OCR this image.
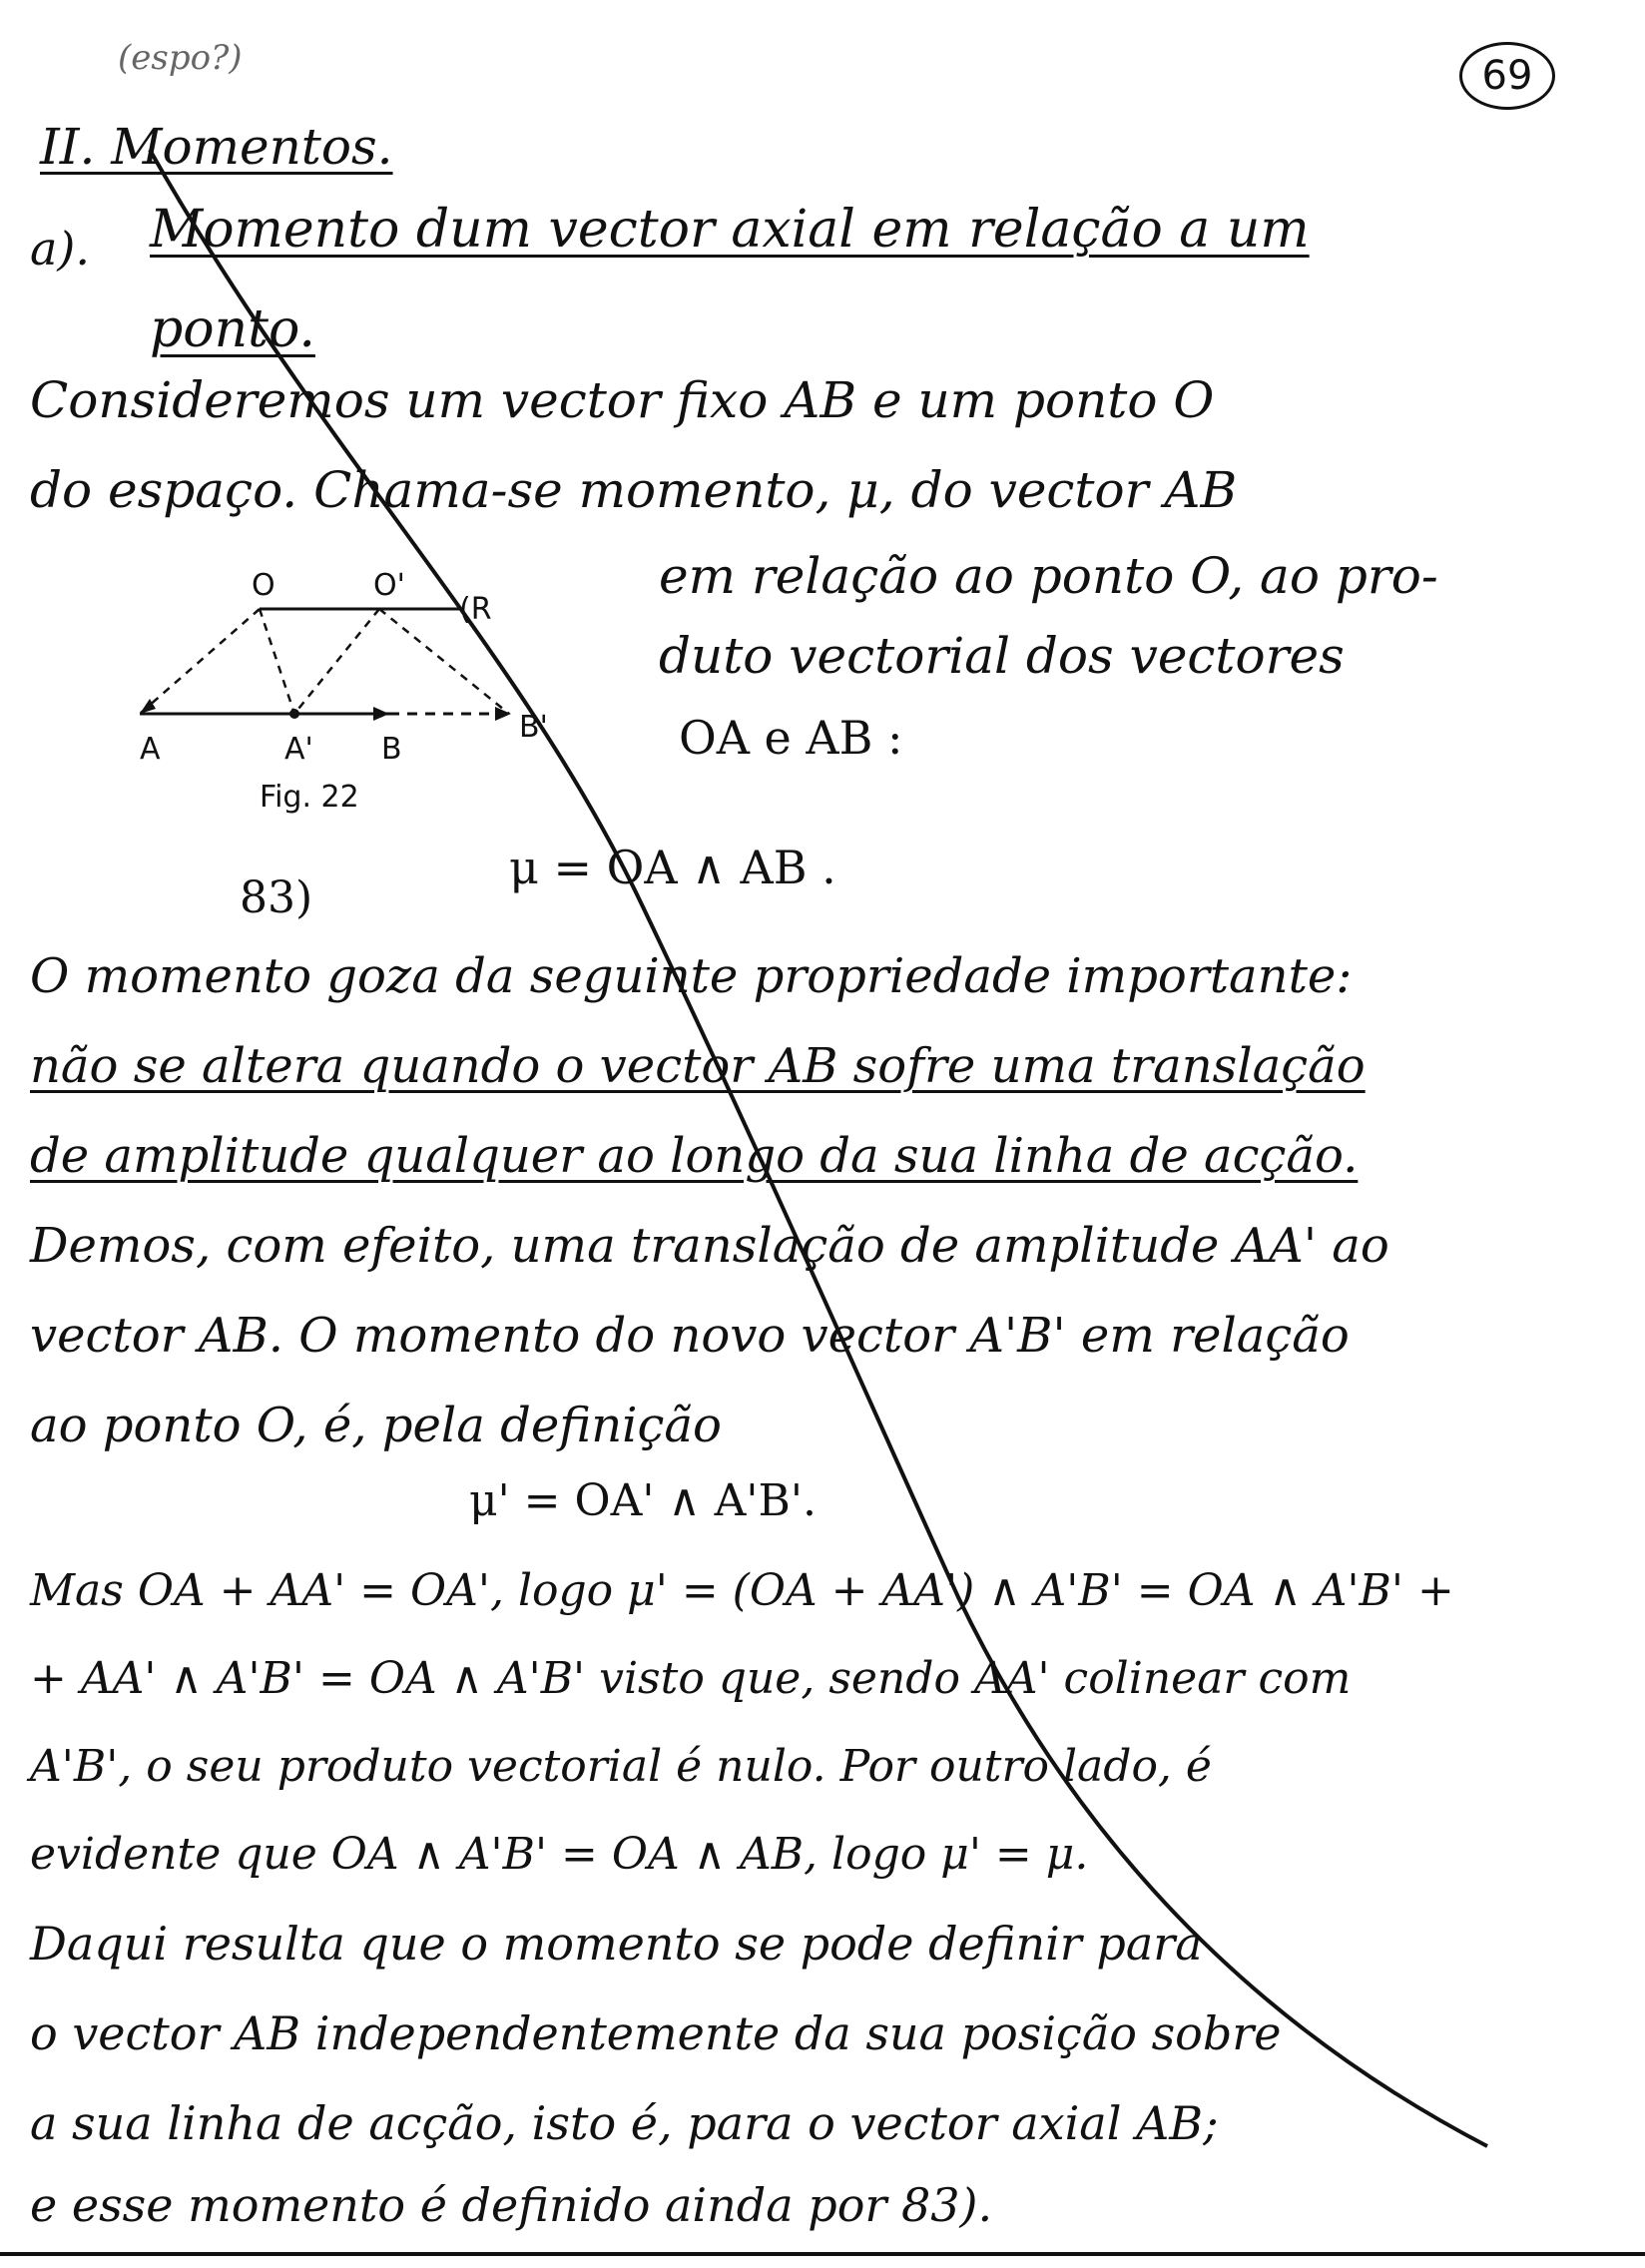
(espo?)	69
II. Momentos.
a). Momento dum vector axial em relação a um
ponto.
Consideremos um vector fixo AB e um ponto O
do espaço. Chama-se momento, μ, do vector AB
em relação ao ponto O, ao pro-
duto vectorial dos vectores
OA e AB :
O	O'
(R
A	A' B
B'
Fig. 22
83)
μ = OA ∧ AB .
O momento goza da seguinte propriedade importante:
não se altera quando o vector AB sofre uma translação
de amplitude qualquer ao longo da sua linha de acção.
Demos, com efeito, uma translação de amplitude AA' ao
vector AB. O momento do novo vector A'B' em relação
ao ponto O, é, pela definição
μ' = OA' ∧ A'B'.
Mas OA + AA' = OA', logo μ' = (OA + AA') ∧ A'B' = OA ∧ A'B' +
+ AA' ∧ A'B' = OA ∧ A'B' visto que, sendo AA' colinear com
A'B', o seu produto vectorial é nulo. Por outro lado, é
evidente que OA ∧ A'B' = OA ∧ AB, logo μ' = μ.
Daqui resulta que o momento se pode definir para
o vector AB independentemente da sua posição sobre
a sua linha de acção, isto é, para o vector axial AB;
e esse momento é definido ainda por 83).
